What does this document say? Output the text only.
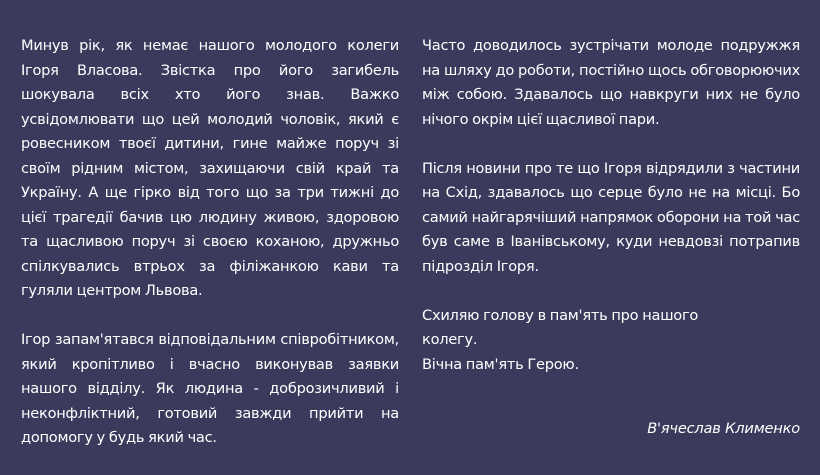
Минув рік, як немає нашого молодого колеги Ігоря Власова. Звістка про його загибель шокувала всіх хто його знав. Важко усвідомлювати що цей молодий чоловік, який є ровесником твоєї дитини, гине майже поруч зі своїм рідним містом, захищаючи свій край та Україну. А ще гірко від того що за три тижні до цієї трагедії бачив цю людину живою, здоровою та щасливою поруч зі своєю коханою, дружньо спілкувались втрьох за філіжанкою кави та гуляли центром Львова.

Ігор запам'ятався відповідальним співробітником, який кропітливо і вчасно виконував заявки нашого відділу. Як людина - доброзичливий і неконфліктний, готовий завжди прийти на допомогу у будь який час.

Часто доводилось зустрічати молоде подружжя на шляху до роботи, постійно щось обговорюючих між собою. Здавалось що навкруги них не було нічого окрім цієї щасливої пари.

Після новини про те що Ігоря відрядили з частини на Схід, здавалось що серце було не на місці. Бо самий найгарячіший напрямок оборони на той час був саме в Іванівському, куди невдовзі потрапив підрозділ Ігоря.

Схиляю голову в пам'ять про нашого
колегу.
Вічна пам'ять Герою.
В'ячеслав Клименко
